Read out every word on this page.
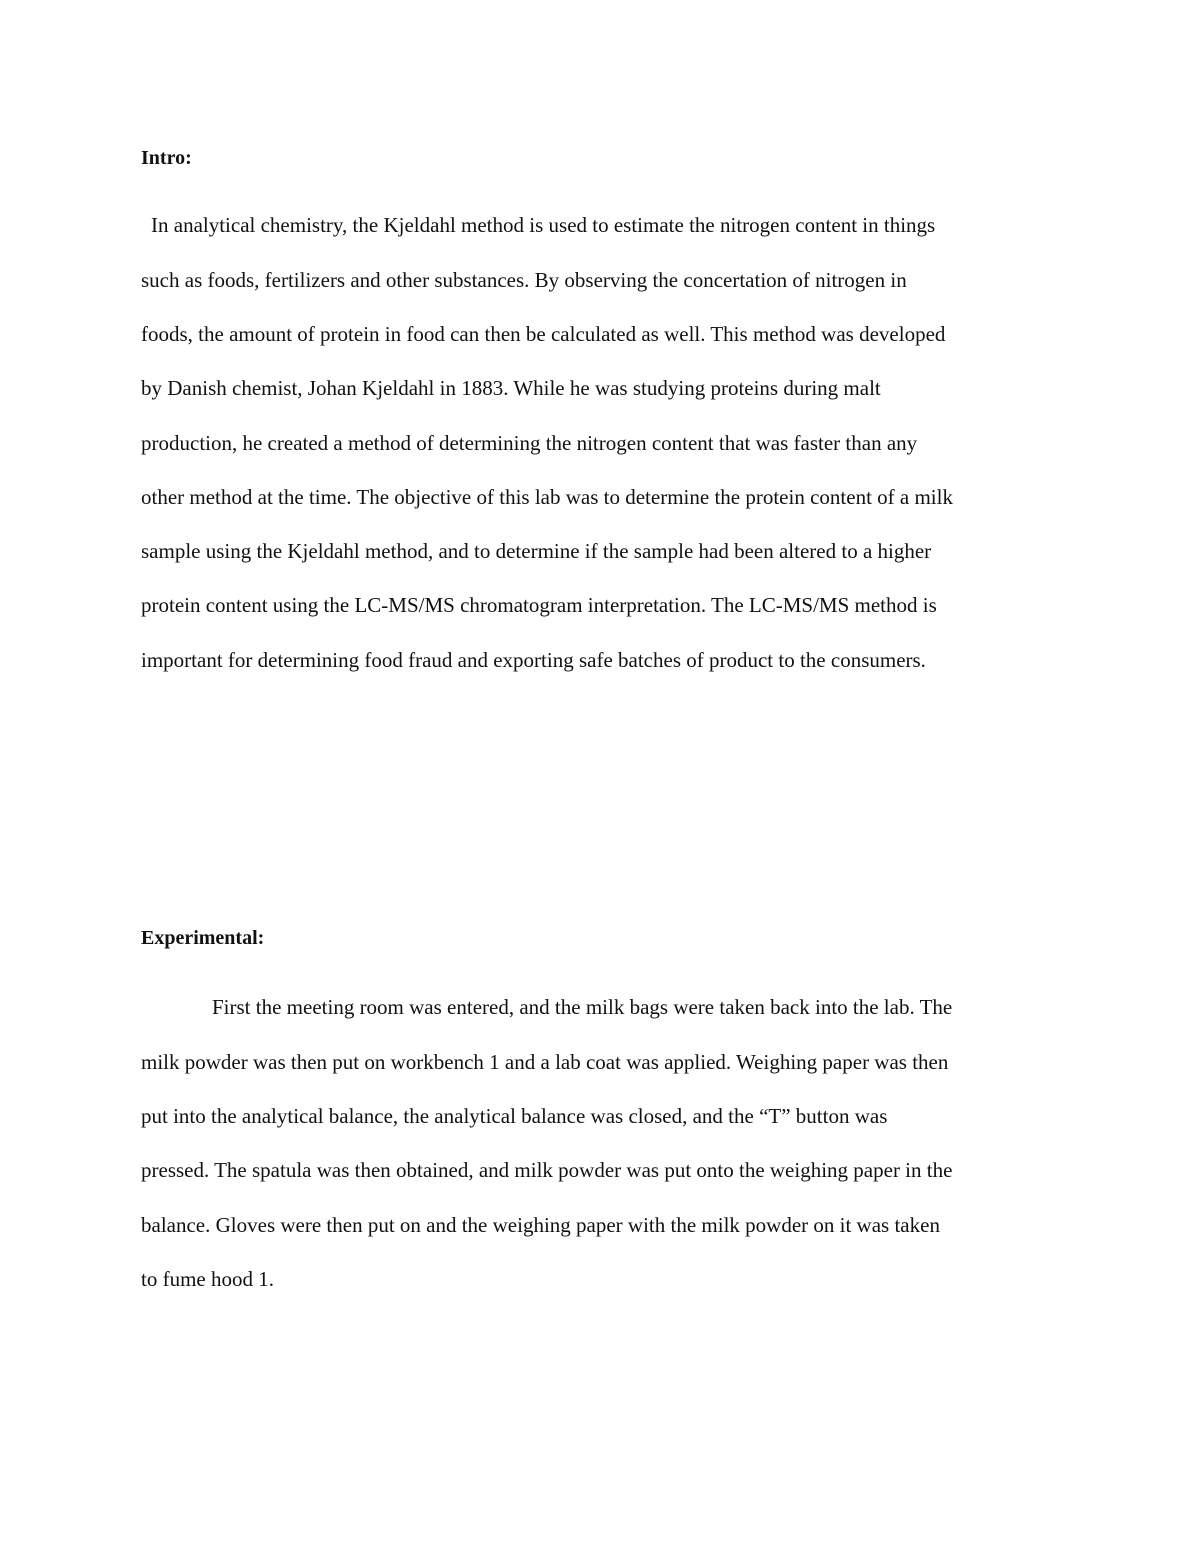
Intro:

In analytical chemistry, the Kjeldahl method is used to estimate the nitrogen content in things

such as foods, fertilizers and other substances. By observing the concertation of nitrogen in

foods, the amount of protein in food can then be calculated as well. This method was developed

by Danish chemist, Johan Kjeldahl in 1883. While he was studying proteins during malt

production, he created a method of determining the nitrogen content that was faster than any

other method at the time. The objective of this lab was to determine the protein content of a milk

sample using the Kjeldahl method, and to determine if the sample had been altered to a higher

protein content using the LC-MS/MS chromatogram interpretation. The LC-MS/MS method is

important for determining food fraud and exporting safe batches of product to the consumers.

Experimental:

First the meeting room was entered, and the milk bags were taken back into the lab. The

milk powder was then put on workbench 1 and a lab coat was applied. Weighing paper was then

put into the analytical balance, the analytical balance was closed, and the “T” button was

pressed. The spatula was then obtained, and milk powder was put onto the weighing paper in the

balance. Gloves were then put on and the weighing paper with the milk powder on it was taken

to fume hood 1.
